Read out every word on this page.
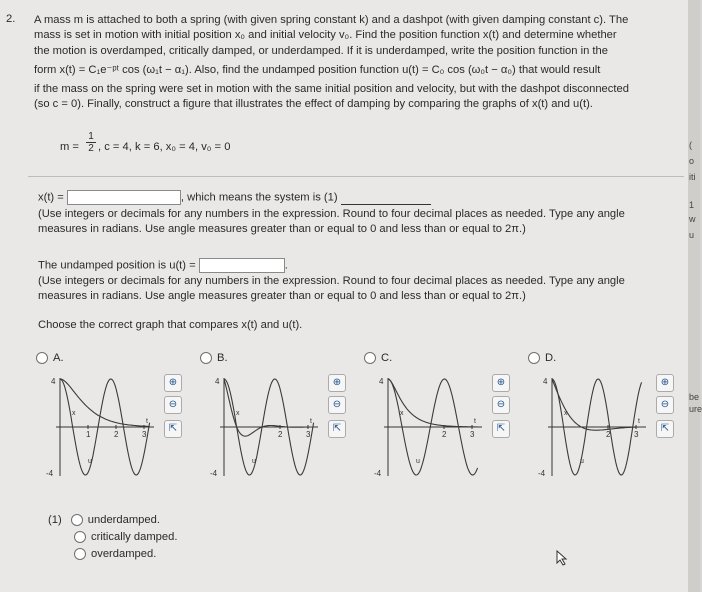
2. A mass m is attached to both a spring (with given spring constant k) and a dashpot (with given damping constant c). The
mass is set in motion with initial position x₀ and initial velocity v₀. Find the position function x(t) and determine whether
the motion is overdamped, critically damped, or underdamped. If it is underdamped, write the position function in the
form x(t) = C₁e⁻ᵖᵗ cos (ω₁t − α₁). Also, find the undamped position function u(t) = C₀ cos (ω₀t − α₀) that would result
if the mass on the spring were set in motion with the same initial position and velocity, but with the dashpot disconnected
(so c = 0). Finally, construct a figure that illustrates the effect of damping by comparing the graphs of x(t) and u(t).
$m = \frac{1}{2}$ , c = 4, k = 6, x₀ = 4, v₀ = 0
x(t) =	, which means the system is (1)
(Use integers or decimals for any numbers in the expression. Round to four decimal places as needed. Type any angle
measures in radians. Use angle measures greater than or equal to 0 and less than or equal to 2π.)
The undamped position is u(t) =	.
(Use integers or decimals for any numbers in the expression. Round to four decimal places as needed. Type any angle
measures in radians. Use angle measures greater than or equal to 0 and less than or equal to 2π.)
Choose the correct graph that compares x(t) and u(t).
A.
4
-4
1	2	3
t
x
u
⊕
⊖
⇱
B.
4
-4
2	3
t
x
u
⊕
⊖
⇱
C.
4
-4
2	3
t
x
u
⊕
⊖
⇱
D.
4
-4
2	3
t
x
u
⊕
⊖
⇱
(1) underdamped.
critically damped.
overdamped.
(
o
iti
1
w
u
be
ure
